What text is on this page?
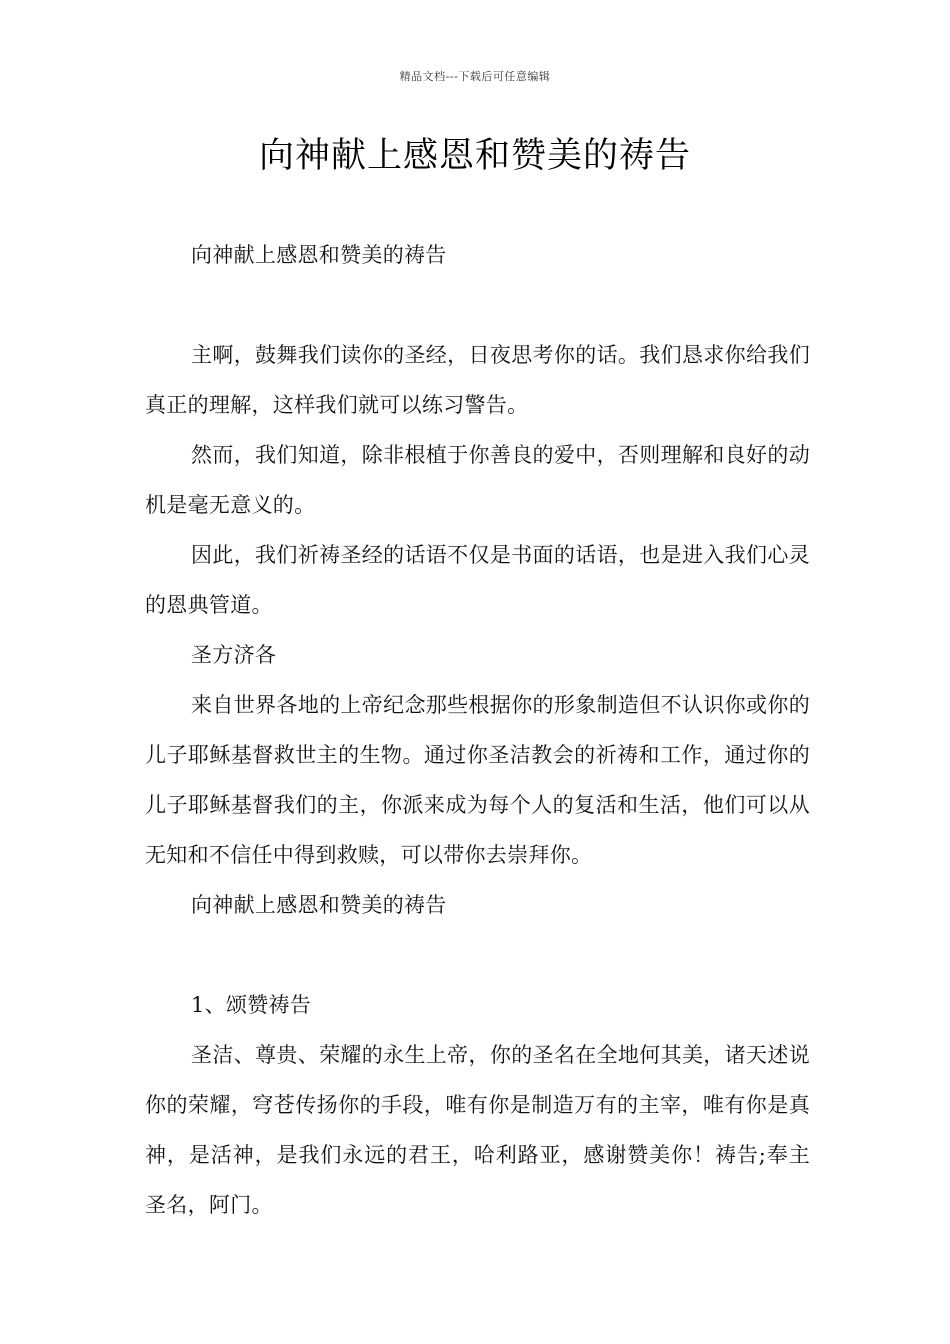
精品文档---下载后可任意编辑
向神献上感恩和赞美的祷告

向神献上感恩和赞美的祷告

主啊，鼓舞我们读你的圣经，日夜思考你的话。我们恳求你给我们真正的理解，这样我们就可以练习警告。

然而，我们知道，除非根植于你善良的爱中，否则理解和良好的动机是毫无意义的。

因此，我们祈祷圣经的话语不仅是书面的话语，也是进入我们心灵的恩典管道。

圣方济各

来自世界各地的上帝纪念那些根据你的形象制造但不认识你或你的儿子耶稣基督救世主的生物。通过你圣洁教会的祈祷和工作，通过你的儿子耶稣基督我们的主，你派来成为每个人的复活和生活，他们可以从无知和不信任中得到救赎，可以带你去崇拜你。

向神献上感恩和赞美的祷告

1、颂赞祷告

圣洁、尊贵、荣耀的永生上帝，你的圣名在全地何其美，诸天述说你的荣耀，穹苍传扬你的手段，唯有你是制造万有的主宰，唯有你是真神，是活神，是我们永远的君王，哈利路亚，感谢赞美你！祷告;奉主圣名，阿门。
